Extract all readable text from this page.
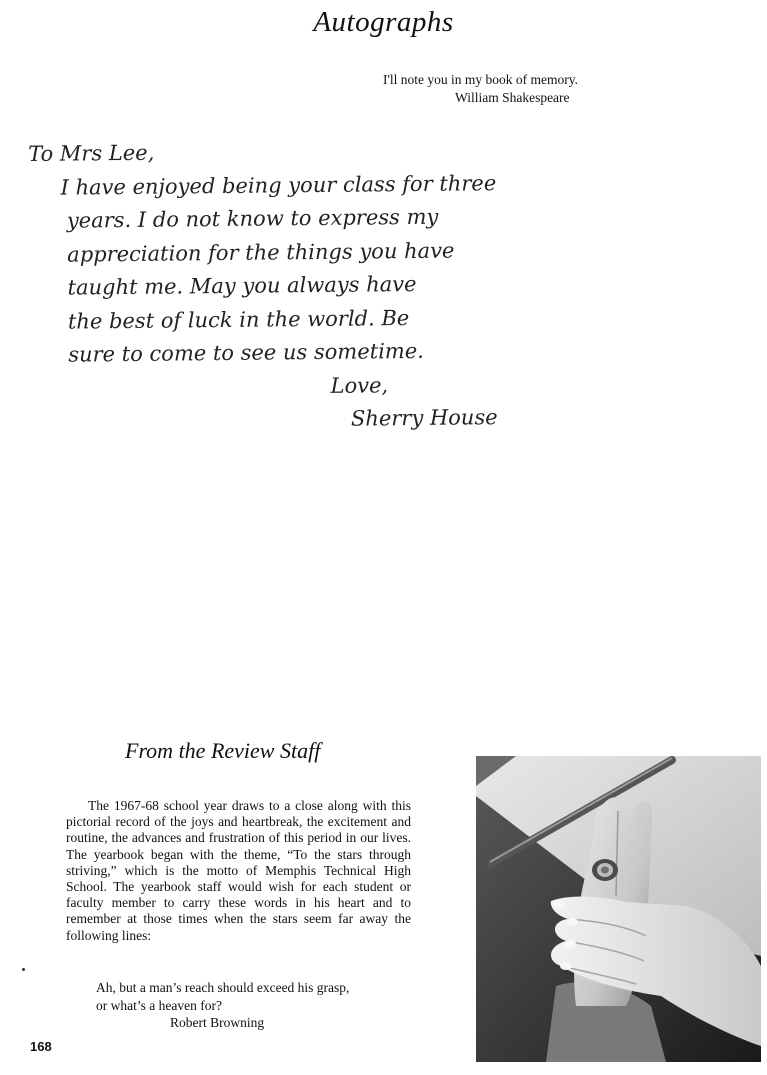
Autographs
I'll note you in my book of memory.
William Shakespeare
To Mrs Lee,
I have enjoyed being your class for three
years. I do not know to express my
appreciation for the things you have
taught me. May you always have
the best of luck in the world. Be
sure to come to see us sometime.
Love,
Sherry House
From the Review Staff
The 1967-68 school year draws to a close along with this pictorial record of the joys and heartbreak, the excitement and routine, the advances and frustration of this period in our lives. The yearbook began with the theme, “To the stars through striving,” which is the motto of Memphis Technical High School. The yearbook staff would wish for each student or faculty member to carry these words in his heart and to remember at those times when the stars seem far away the following lines:
Ah, but a man’s reach should exceed his grasp,
or what’s a heaven for?
Robert Browning
168
